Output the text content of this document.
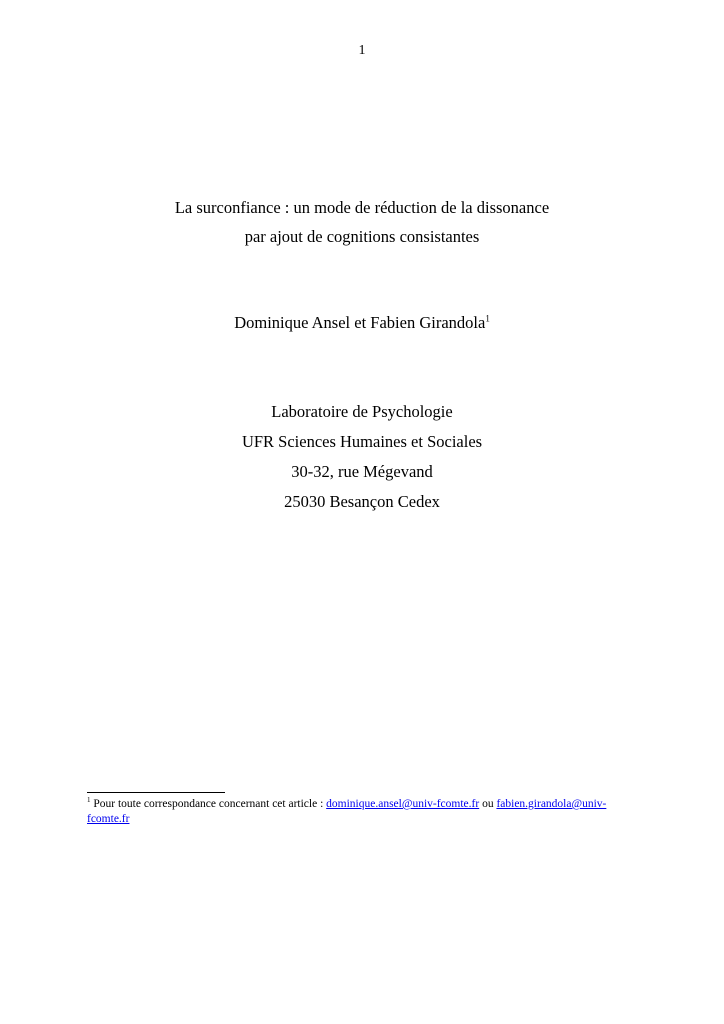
1
La surconfiance : un mode de réduction de la dissonance
par ajout de cognitions consistantes
Dominique Ansel et Fabien Girandola$^1$
Laboratoire de Psychologie
UFR Sciences Humaines et Sociales
30-32, rue Mégevand
25030 Besançon Cedex
$^1$ Pour toute correspondance concernant cet article : dominique.ansel@univ-fcomte.fr ou fabien.girandola@univ-
fcomte.fr
